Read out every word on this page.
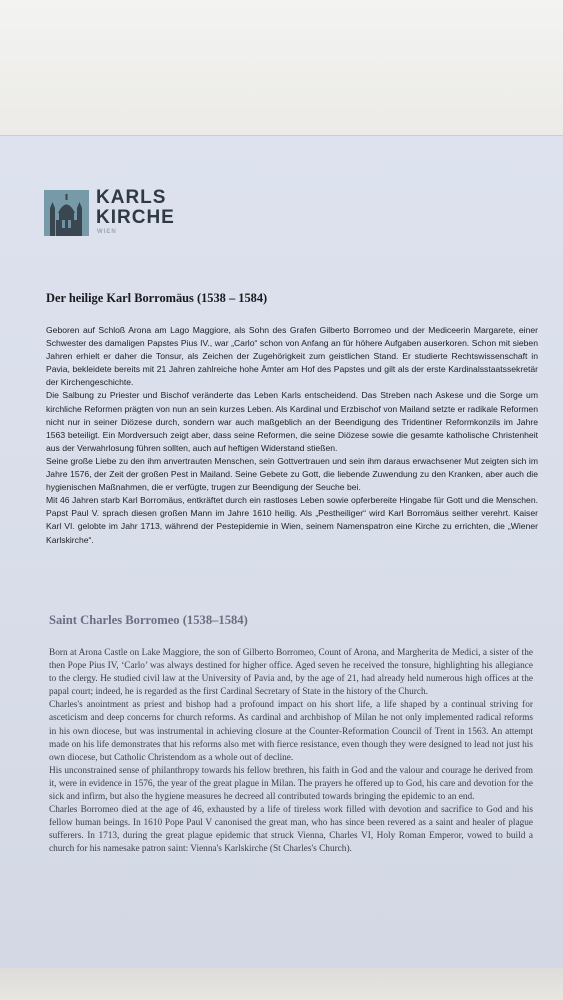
KARLS
KIRCHE
WIEN
Der heilige Karl Borromäus (1538 – 1584)

Geboren auf Schloß Arona am Lago Maggiore, als Sohn des Grafen Gilberto Borromeo und der Mediceerin Margarete, einer Schwester des damaligen Papstes Pius IV., war „Carlo“ schon von Anfang an für höhere Aufgaben auserkoren. Schon mit sieben Jahren erhielt er daher die Tonsur, als Zeichen der Zugehörigkeit zum geistlichen Stand. Er studierte Rechtswissenschaft in Pavia, bekleidete bereits mit 21 Jahren zahlreiche hohe Ämter am Hof des Papstes und gilt als der erste Kardinalsstaatssekretär der Kirchengeschichte.

Die Salbung zu Priester und Bischof veränderte das Leben Karls entscheidend. Das Streben nach Askese und die Sorge um kirchliche Reformen prägten von nun an sein kurzes Leben. Als Kardinal und Erzbischof von Mailand setzte er radikale Reformen nicht nur in seiner Diözese durch, sondern war auch maßgeblich an der Beendigung des Tridentiner Reformkonzils im Jahre 1563 beteiligt. Ein Mordversuch zeigt aber, dass seine Reformen, die seine Diözese sowie die gesamte katholische Christenheit aus der Verwahrlosung führen sollten, auch auf heftigen Widerstand stießen.

Seine große Liebe zu den ihm anvertrauten Menschen, sein Gottvertrauen und sein ihm daraus erwachsener Mut zeigten sich im Jahre 1576, der Zeit der großen Pest in Mailand. Seine Gebete zu Gott, die liebende Zuwendung zu den Kranken, aber auch die hygienischen Maßnahmen, die er verfügte, trugen zur Beendigung der Seuche bei.

Mit 46 Jahren starb Karl Borromäus, entkräftet durch ein rastloses Leben sowie opferbereite Hingabe für Gott und die Menschen. Papst Paul V. sprach diesen großen Mann im Jahre 1610 heilig. Als „Pestheiliger“ wird Karl Borromäus seither verehrt. Kaiser Karl VI. gelobte im Jahr 1713, während der Pestepidemie in Wien, seinem Namenspatron eine Kirche zu errichten, die „Wiener Karlskirche“.

Saint Charles Borromeo (1538–1584)

Born at Arona Castle on Lake Maggiore, the son of Gilberto Borromeo, Count of Arona, and Margherita de Medici, a sister of the then Pope Pius IV, ‘Carlo’ was always destined for higher office. Aged seven he received the tonsure, highlighting his allegiance to the clergy. He studied civil law at the University of Pavia and, by the age of 21, had already held numerous high offices at the papal court; indeed, he is regarded as the first Cardinal Secretary of State in the history of the Church.

Charles's anointment as priest and bishop had a profound impact on his short life, a life shaped by a continual striving for asceticism and deep concerns for church reforms. As cardinal and archbishop of Milan he not only implemented radical reforms in his own diocese, but was instrumental in achieving closure at the Counter-Reformation Council of Trent in 1563. An attempt made on his life demonstrates that his reforms also met with fierce resistance, even though they were designed to lead not just his own diocese, but Catholic Christendom as a whole out of decline.

His unconstrained sense of philanthropy towards his fellow brethren, his faith in God and the valour and courage he derived from it, were in evidence in 1576, the year of the great plague in Milan. The prayers he offered up to God, his care and devotion for the sick and infirm, but also the hygiene measures he decreed all contributed towards bringing the epidemic to an end.

Charles Borromeo died at the age of 46, exhausted by a life of tireless work filled with devotion and sacrifice to God and his fellow human beings. In 1610 Pope Paul V canonised the great man, who has since been revered as a saint and healer of plague sufferers. In 1713, during the great plague epidemic that struck Vienna, Charles VI, Holy Roman Emperor, vowed to build a church for his namesake patron saint: Vienna's Karlskirche (St Charles's Church).
